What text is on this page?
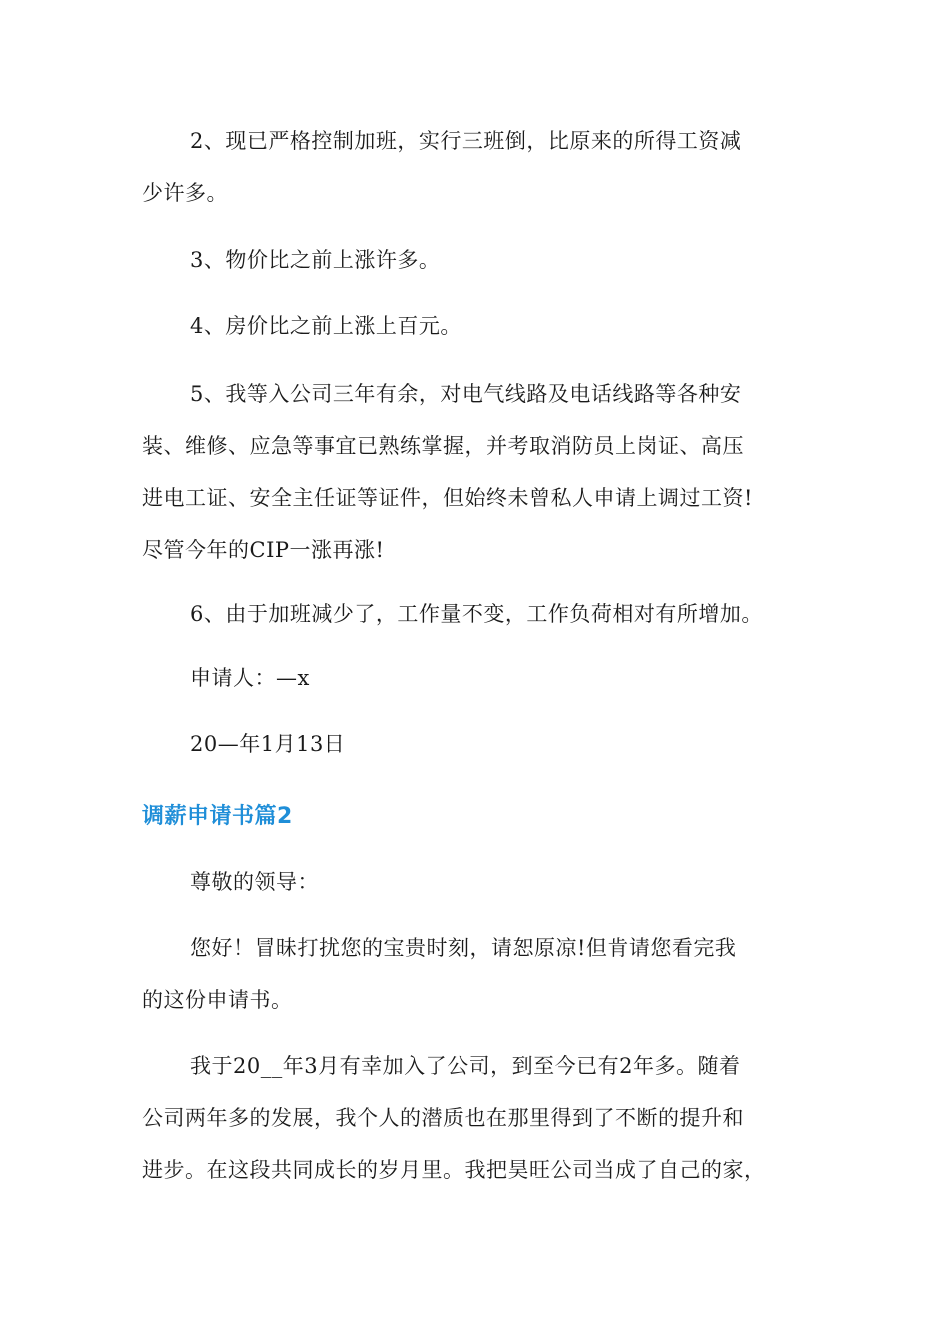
2、现已严格控制加班，实行三班倒，比原来的所得工资减
少许多。

3、物价比之前上涨许多。

4、房价比之前上涨上百元。

5、我等入公司三年有余，对电气线路及电话线路等各种安
装、维修、应急等事宜已熟练掌握，并考取消防员上岗证、高压
进电工证、安全主任证等证件，但始终未曾私人申请上调过工资!
尽管今年的CIP一涨再涨!

6、由于加班减少了，工作量不变，工作负荷相对有所增加。

申请人：—x

20—年1月13日

调薪申请书篇2

尊敬的领导：

您好！冒昧打扰您的宝贵时刻，请恕原凉!但肯请您看完我
的这份申请书。

我于20__年3月有幸加入了公司，到至今已有2年多。随着
公司两年多的发展，我个人的潜质也在那里得到了不断的提升和
进步。在这段共同成长的岁月里。我把昊旺公司当成了自己的家，
